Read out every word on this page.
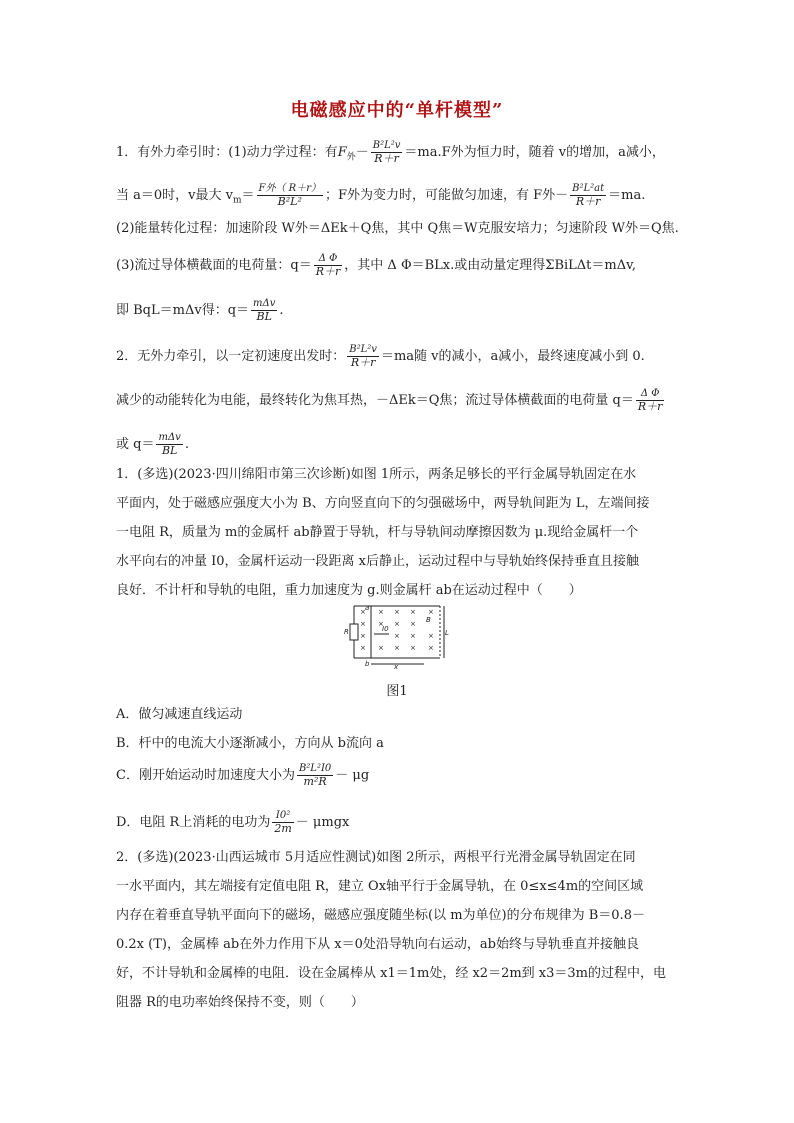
电磁感应中的“单杆模型”
1．有外力牵引时：(1)动力学过程：有$F_外- \frac{\text{B²L²v}}{R+r} =ma.F$外为恒力时，随着 v的增加，a减小，
当 a＝0时，v最大 $v_m= \frac{\text{F外（ R＋r）}}{\text{B²L²}}$ ；F外为变力时，可能做匀加速，有 F外－ $\frac{\text{B²L²at}}{R+r} =ma$.
(2)能量转化过程：加速阶段 W外＝ΔEk＋Q焦，其中 Q焦＝W克服安培力；匀速阶段 W外＝Q焦.
(3)流过导体横截面的电荷量：$q= \frac{\text{Δ Φ}}{R+r}$ ，其中 Δ Φ＝BLx.或由动量定理得ΣBiLΔt＝mΔv,
即 BqL＝mΔv得：$q= \frac{\text{mΔv}}{BL}$ .
2．无外力牵引，以一定初速度出发时： $\frac{\text{B²L²v}}{R+r} =ma$随 v的减小，a减小，最终速度减小到 0.
减少的动能转化为电能，最终转化为焦耳热，－ΔEk＝Q焦；流过导体横截面的电荷量 $q= \frac{\text{Δ Φ}}{R+r}$
或 $q= \frac{\text{mΔv}}{BL}$ .
1．(多选)(2023·四川绵阳市第三次诊断)如图 1所示，两条足够长的平行金属导轨固定在水
平面内，处于磁感应强度大小为 B、方向竖直向下的匀强磁场中，两导轨间距为 L，左端间接
一电阻 R，质量为 m的金属杆 ab静置于导轨，杆与导轨间动摩擦因数为 μ.现给金属杆一个
水平向右的冲量 I0，金属杆运动一段距离 x后静止，运动过程中与导轨始终保持垂直且接触
良好．不计杆和导轨的电阻，重力加速度为 g.则金属杆 ab在运动过程中（　　）
a
b
R
B
L
I0
x
× × × × ×
× × × ×
×	× × ×
× × × × ×
图1
A．做匀减速直线运动
B．杆中的电流大小逐渐减小，方向从 b流向 a
C．刚开始运动时加速度大小为 $\frac{\text{B²L²I0}}{\text{m²R}} - \mu g$
D．电阻 R上消耗的电功为 $\frac{\text{I0²}}{2m} - \mu mgx$
2．(多选)(2023·山西运城市 5月适应性测试)如图 2所示，两根平行光滑金属导轨固定在同
一水平面内，其左端接有定值电阻 R，建立 Ox轴平行于金属导轨，在 0≤x≤4m的空间区域
内存在着垂直导轨平面向下的磁场，磁感应强度随坐标(以 m为单位)的分布规律为 B＝0.8－
0.2x (T)，金属棒 ab在外力作用下从 x＝0处沿导轨向右运动，ab始终与导轨垂直并接触良
好，不计导轨和金属棒的电阻．设在金属棒从 x1＝1m处，经 x2＝2m到 x3＝3m的过程中，电
阻器 R的电功率始终保持不变，则（　　）
